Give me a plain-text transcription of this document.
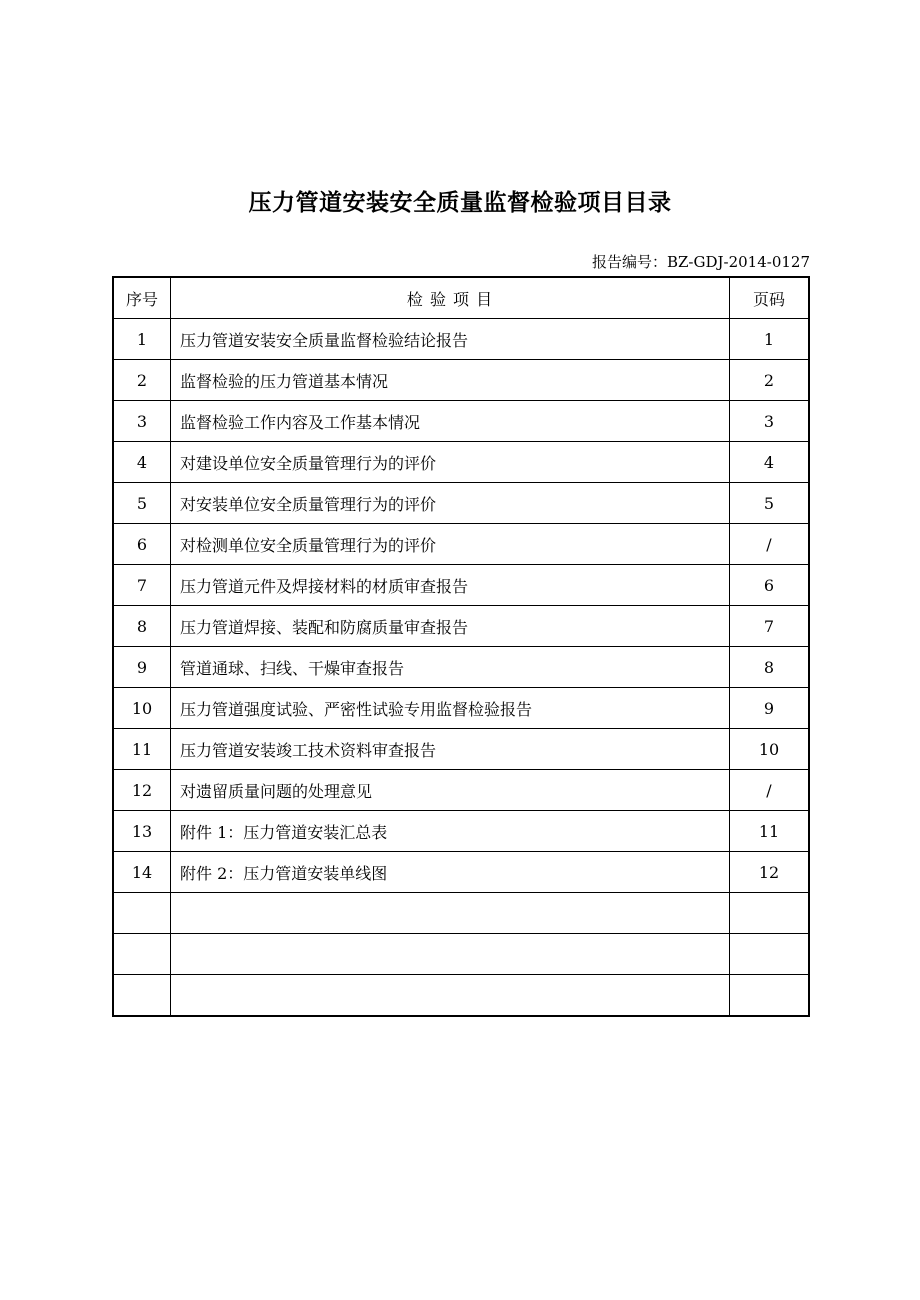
压力管道安装安全质量监督检验项目目录
报告编号：BZ-GDJ-2014-0127
序号	检 验 项 目	页码
1	压力管道安装安全质量监督检验结论报告	1
2	监督检验的压力管道基本情况	2
3	监督检验工作内容及工作基本情况	3
4	对建设单位安全质量管理行为的评价	4
5	对安装单位安全质量管理行为的评价	5
6	对检测单位安全质量管理行为的评价	/
7	压力管道元件及焊接材料的材质审查报告	6
8	压力管道焊接、装配和防腐质量审查报告	7
9	管道通球、扫线、干燥审查报告	8
10	压力管道强度试验、严密性试验专用监督检验报告	9
11	压力管道安装竣工技术资料审查报告	10
12	对遗留质量问题的处理意见	/
13	附件 1：压力管道安装汇总表	11
14	附件 2：压力管道安装单线图	12
